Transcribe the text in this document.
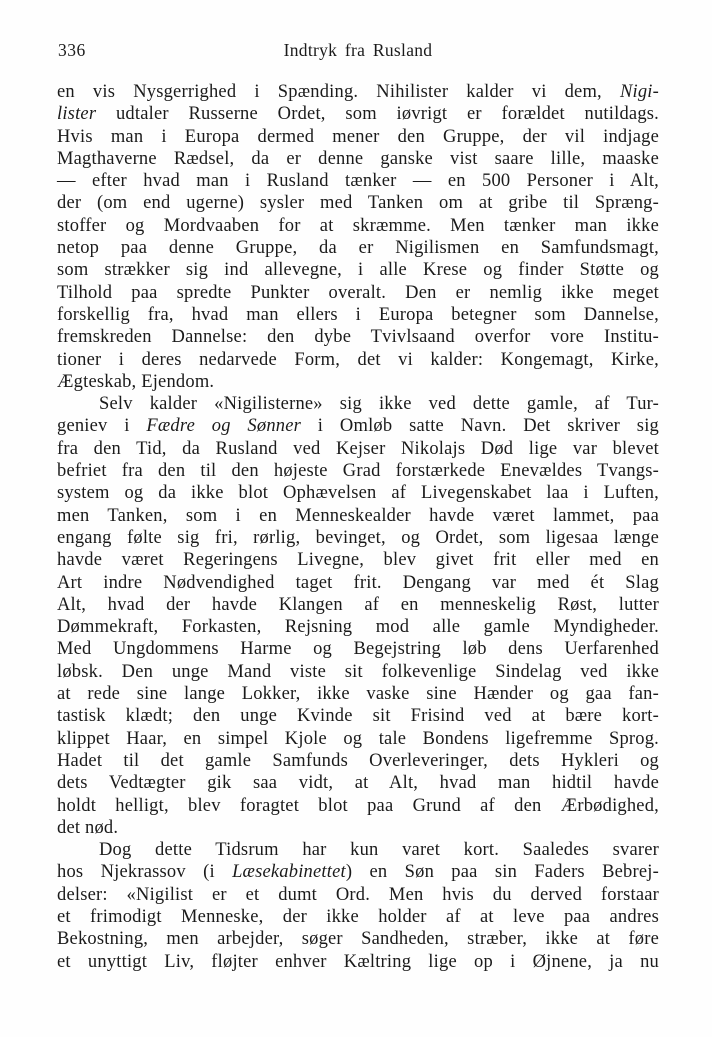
336	Indtryk fra Rusland
en vis Nysgerrighed i Spænding. Nihilister kalder vi dem, Nigi-
lister udtaler Russerne Ordet, som iøvrigt er forældet nutildags.
Hvis man i Europa dermed mener den Gruppe, der vil indjage
Magthaverne Rædsel, da er denne ganske vist saare lille, maaske
— efter hvad man i Rusland tænker — en 500 Personer i Alt,
der (om end ugerne) sysler med Tanken om at gribe til Spræng-
stoffer og Mordvaaben for at skræmme. Men tænker man ikke
netop paa denne Gruppe, da er Nigilismen en Samfundsmagt,
som strækker sig ind allevegne, i alle Krese og finder Støtte og
Tilhold paa spredte Punkter overalt. Den er nemlig ikke meget
forskellig fra, hvad man ellers i Europa betegner som Dannelse,
fremskreden Dannelse: den dybe Tvivlsaand overfor vore Institu-
tioner i deres nedarvede Form, det vi kalder: Kongemagt, Kirke,
Ægteskab, Ejendom.
Selv kalder «Nigilisterne» sig ikke ved dette gamle, af Tur-
geniev i Fædre og Sønner i Omløb satte Navn. Det skriver sig
fra den Tid, da Rusland ved Kejser Nikolajs Død lige var blevet
befriet fra den til den højeste Grad forstærkede Enevældes Tvangs-
system og da ikke blot Ophævelsen af Livegenskabet laa i Luften,
men Tanken, som i en Menneskealder havde været lammet, paa
engang følte sig fri, rørlig, bevinget, og Ordet, som ligesaa længe
havde været Regeringens Livegne, blev givet frit eller med en
Art indre Nødvendighed taget frit. Dengang var med ét Slag
Alt, hvad der havde Klangen af en menneskelig Røst, lutter
Dømmekraft, Forkasten, Rejsning mod alle gamle Myndigheder.
Med Ungdommens Harme og Begejstring løb dens Uerfarenhed
løbsk. Den unge Mand viste sit folkevenlige Sindelag ved ikke
at rede sine lange Lokker, ikke vaske sine Hænder og gaa fan-
tastisk klædt; den unge Kvinde sit Frisind ved at bære kort-
klippet Haar, en simpel Kjole og tale Bondens ligefremme Sprog.
Hadet til det gamle Samfunds Overleveringer, dets Hykleri og
dets Vedtægter gik saa vidt, at Alt, hvad man hidtil havde
holdt helligt, blev foragtet blot paa Grund af den Ærbødighed,
det nød.
Dog dette Tidsrum har kun varet kort. Saaledes svarer
hos Njekrassov (i Læsekabinettet) en Søn paa sin Faders Bebrej-
delser: «Nigilist er et dumt Ord. Men hvis du derved forstaar
et frimodigt Menneske, der ikke holder af at leve paa andres
Bekostning, men arbejder, søger Sandheden, stræber, ikke at føre
et unyttigt Liv, fløjter enhver Kæltring lige op i Øjnene, ja nu
